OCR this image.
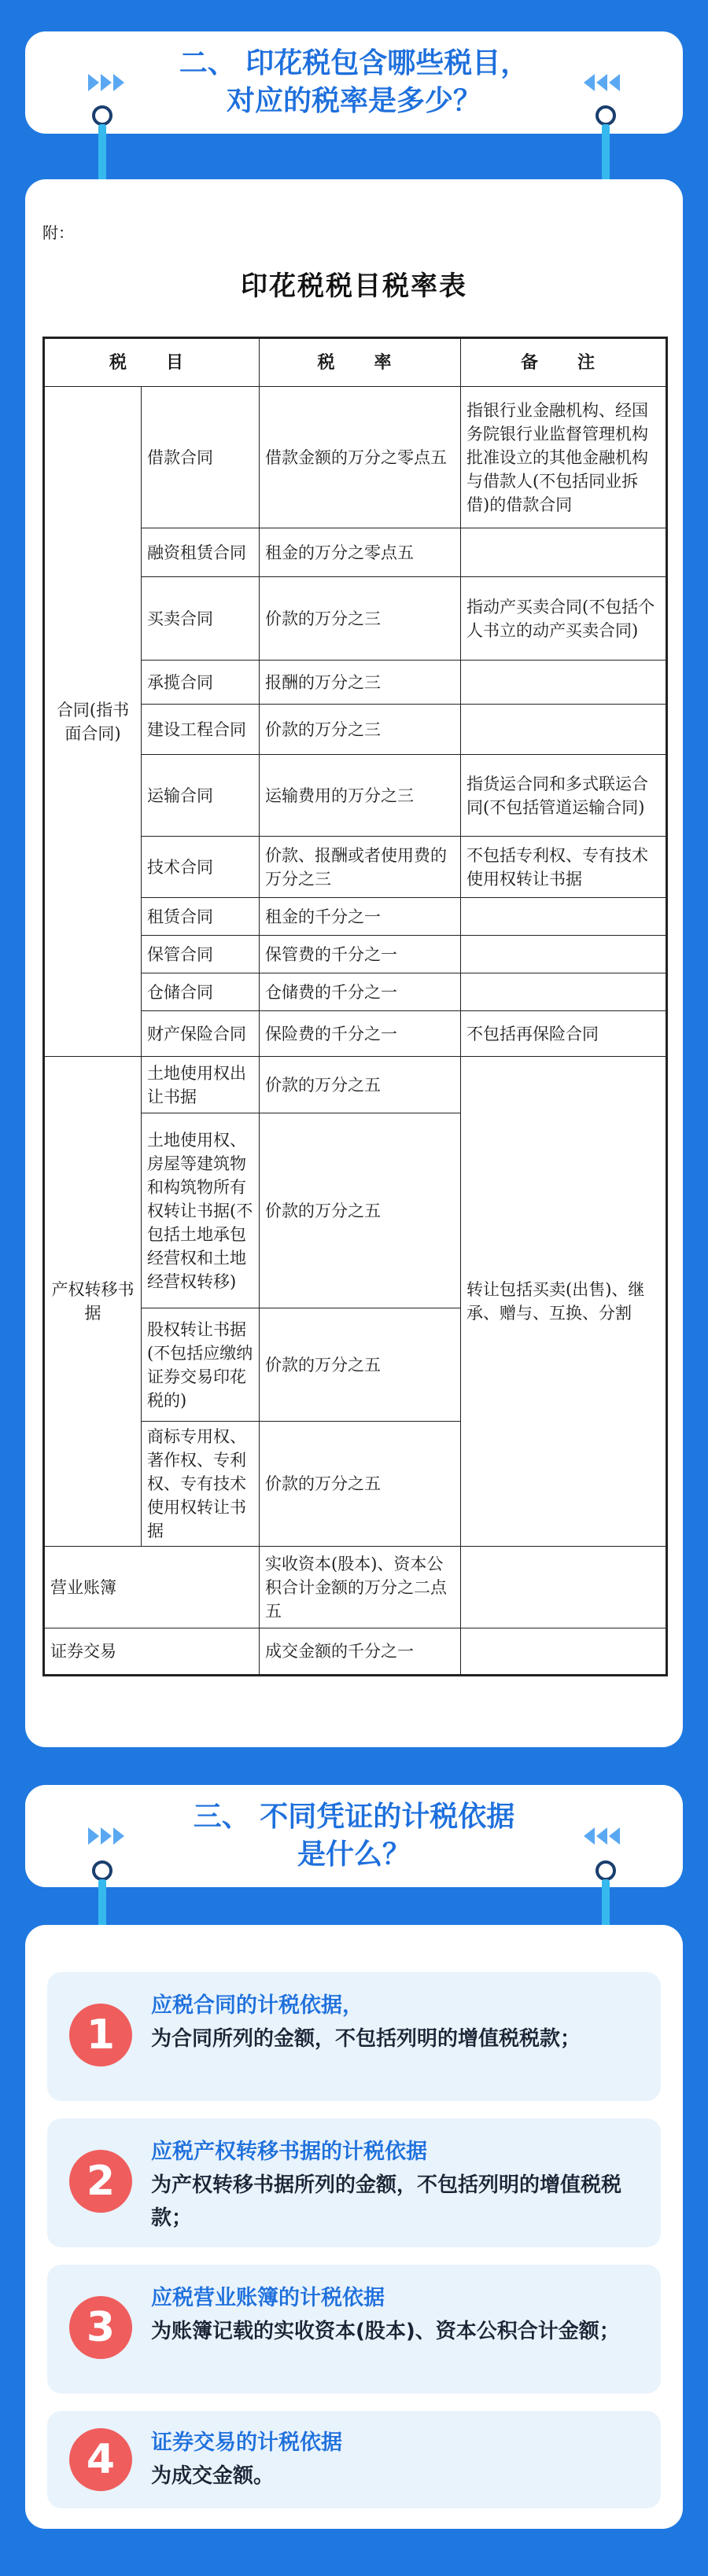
二、 印花税包含哪些税目，
对应的税率是多少？
附：
印花税税目税率表
税　目		税　率	备　注
合同(指书面合同)	借款合同	借款金额的万分之零点五	指银行业金融机构、经国务院银行业监督管理机构批准设立的其他金融机构与借款人(不包括同业拆借)的借款合同
	融资租赁合同	租金的万分之零点五	
	买卖合同	价款的万分之三	指动产买卖合同(不包括个人书立的动产买卖合同)
	承揽合同	报酬的万分之三	
	建设工程合同	价款的万分之三	
	运输合同	运输费用的万分之三	指货运合同和多式联运合同(不包括管道运输合同)
	技术合同	价款、报酬或者使用费的万分之三	不包括专利权、专有技术使用权转让书据
	租赁合同	租金的千分之一	
	保管合同	保管费的千分之一	
	仓储合同	仓储费的千分之一	
	财产保险合同	保险费的千分之一	不包括再保险合同
产权转移书据	土地使用权出让书据	价款的万分之五	转让包括买卖(出售)、继承、赠与、互换、分割
	土地使用权、房屋等建筑物和构筑物所有权转让书据(不包括土地承包经营权和土地经营权转移)	价款的万分之五	
	股权转让书据(不包括应缴纳证券交易印花税的)	价款的万分之五	
	商标专用权、著作权、专利权、专有技术使用权转让书据	价款的万分之五	
营业账簿		实收资本(股本)、资本公积合计金额的万分之二点五	
证券交易		成交金额的千分之一	
三、 不同凭证的计税依据
是什么？
1
应税合同的计税依据，
为合同所列的金额，不包括列明的增值税税款；
2
应税产权转移书据的计税依据
为产权转移书据所列的金额，不包括列明的增值税税款；
3
应税营业账簿的计税依据
为账簿记载的实收资本(股本)、资本公积合计金额；
4	证券交易的计税依据
为成交金额。
